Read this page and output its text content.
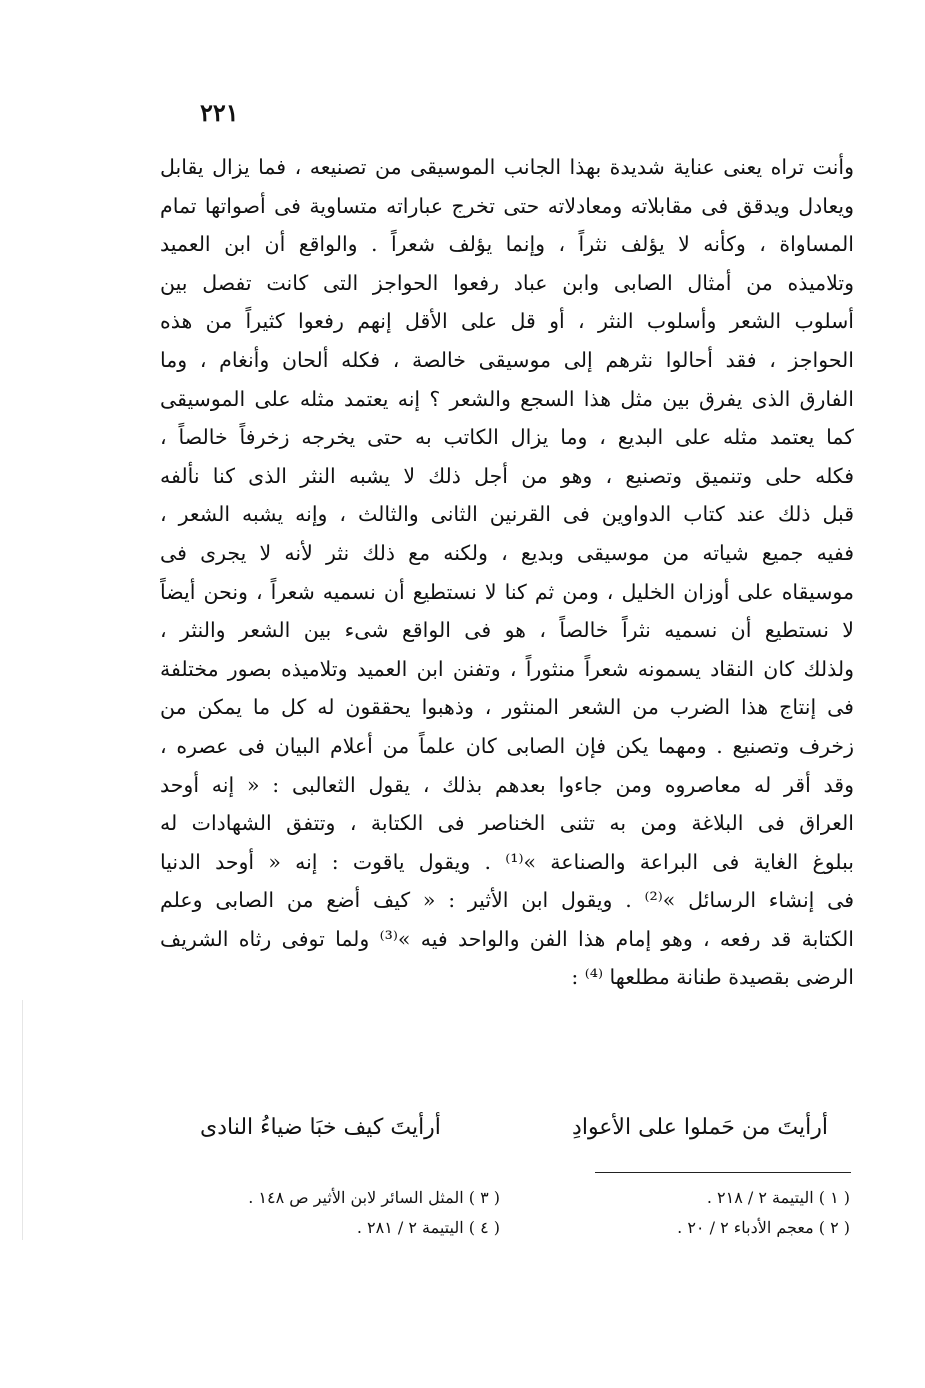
٢٢١
وأنت تراه يعنى عناية شديدة بهذا الجانب الموسيقى من تصنيعه ، فما يزال يقابل
ويعادل ويدقق فى مقابلاته ومعادلاته حتى تخرج عباراته متساوية فى أصواتها تمام
المساواة ، وكأنه لا يؤلف نثراً ، وإنما يؤلف شعراً . والواقع أن ابن العميد
وتلاميذه من أمثال الصابى وابن عباد رفعوا الحواجز التى كانت تفصل بين
أسلوب الشعر وأسلوب النثر ، أو قل على الأقل إنهم رفعوا كثيراً من هذه
الحواجز ، فقد أحالوا نثرهم إلى موسيقى خالصة ، فكله ألحان وأنغام ، وما
الفارق الذى يفرق بين مثل هذا السجع والشعر ؟ إنه يعتمد مثله على الموسيقى
كما يعتمد مثله على البديع ، وما يزال الكاتب به حتى يخرجه زخرفاً خالصاً ،
فكله حلى وتنميق وتصنيع ، وهو من أجل ذلك لا يشبه النثر الذى كنا نألفه
قبل ذلك عند كتاب الدواوين فى القرنين الثانى والثالث ، وإنه يشبه الشعر ،
ففيه جميع شياته من موسيقى وبديع ، ولكنه مع ذلك نثر لأنه لا يجرى فى
موسيقاه على أوزان الخليل ، ومن ثم كنا لا نستطيع أن نسميه شعراً ، ونحن أيضاً
لا نستطيع أن نسميه نثراً خالصاً ، هو فى الواقع شىء بين الشعر والنثر ،
ولذلك كان النقاد يسمونه شعراً منثوراً ، وتفنن ابن العميد وتلاميذه بصور مختلفة
فى إنتاج هذا الضرب من الشعر المنثور ، وذهبوا يحققون له كل ما يمكن من
زخرف وتصنيع . ومهما يكن فإن الصابى كان علماً من أعلام البيان فى عصره ،
وقد أقر له معاصروه ومن جاءوا بعدهم بذلك ، يقول الثعالبى : « إنه أوحد
العراق فى البلاغة ومن به تثنى الخناصر فى الكتابة ، وتتفق الشهادات له
ببلوغ الغاية فى البراعة والصناعة »⁽¹⁾ . ويقول ياقوت : إنه « أوحد الدنيا
فى إنشاء الرسائل »⁽²⁾ . ويقول ابن الأثير : « كيف أضع من الصابى وعلم
الكتابة قد رفعه ، وهو إمام هذا الفن والواحد فيه »⁽³⁾ ولما توفى رثاه الشريف
الرضى بقصيدة طنانة مطلعها ⁽⁴⁾ :
أرأيتَ من حَملوا على الأعوادِ
أرأيتَ كيف خبَا ضياءُ النادى
( ١ ) اليتيمة ٢ / ٢١٨ .
( ٣ ) المثل السائر لابن الأثير ص ١٤٨ .
( ٢ ) معجم الأدباء ٢ / ٢٠ .
( ٤ ) اليتيمة ٢ / ٢٨١ .
